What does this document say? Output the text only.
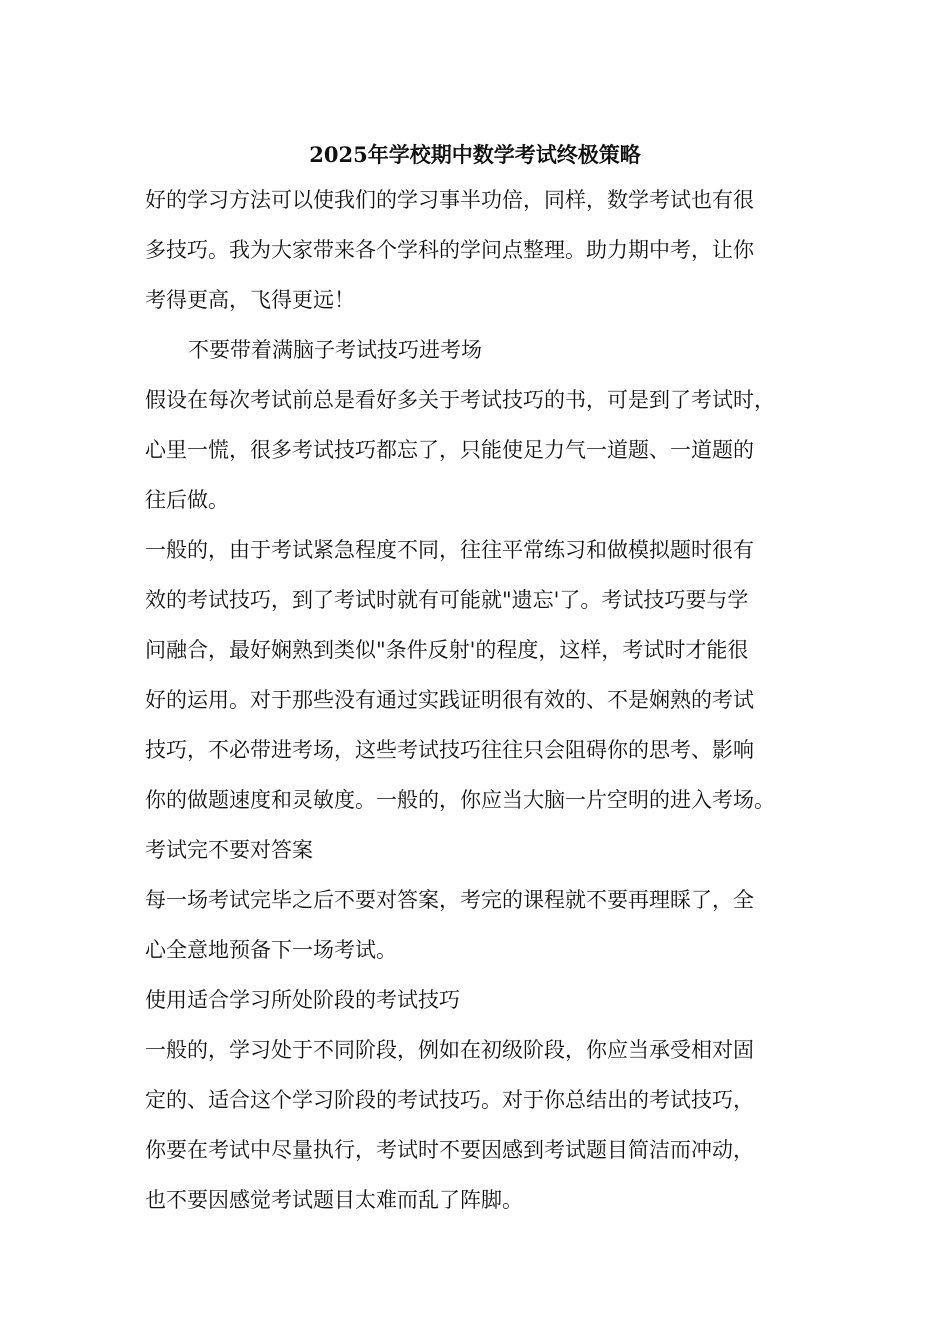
2025年学校期中数学考试终极策略
好的学习方法可以使我们的学习事半功倍，同样，数学考试也有很
多技巧。我为大家带来各个学科的学问点整理。助力期中考，让你
考得更高，飞得更远！
不要带着满脑子考试技巧进考场
假设在每次考试前总是看好多关于考试技巧的书，可是到了考试时，
心里一慌，很多考试技巧都忘了，只能使足力气一道题、一道题的
往后做。
一般的，由于考试紧急程度不同，往往平常练习和做模拟题时很有
效的考试技巧，到了考试时就有可能就"遗忘'了。考试技巧要与学
问融合，最好娴熟到类似"条件反射'的程度，这样，考试时才能很
好的运用。对于那些没有通过实践证明很有效的、不是娴熟的考试
技巧，不必带进考场，这些考试技巧往往只会阻碍你的思考、影响
你的做题速度和灵敏度。一般的，你应当大脑一片空明的进入考场。
考试完不要对答案
每一场考试完毕之后不要对答案，考完的课程就不要再理睬了，全
心全意地预备下一场考试。
使用适合学习所处阶段的考试技巧
一般的，学习处于不同阶段，例如在初级阶段，你应当承受相对固
定的、适合这个学习阶段的考试技巧。对于你总结出的考试技巧，
你要在考试中尽量执行，考试时不要因感到考试题目简洁而冲动，
也不要因感觉考试题目太难而乱了阵脚。
